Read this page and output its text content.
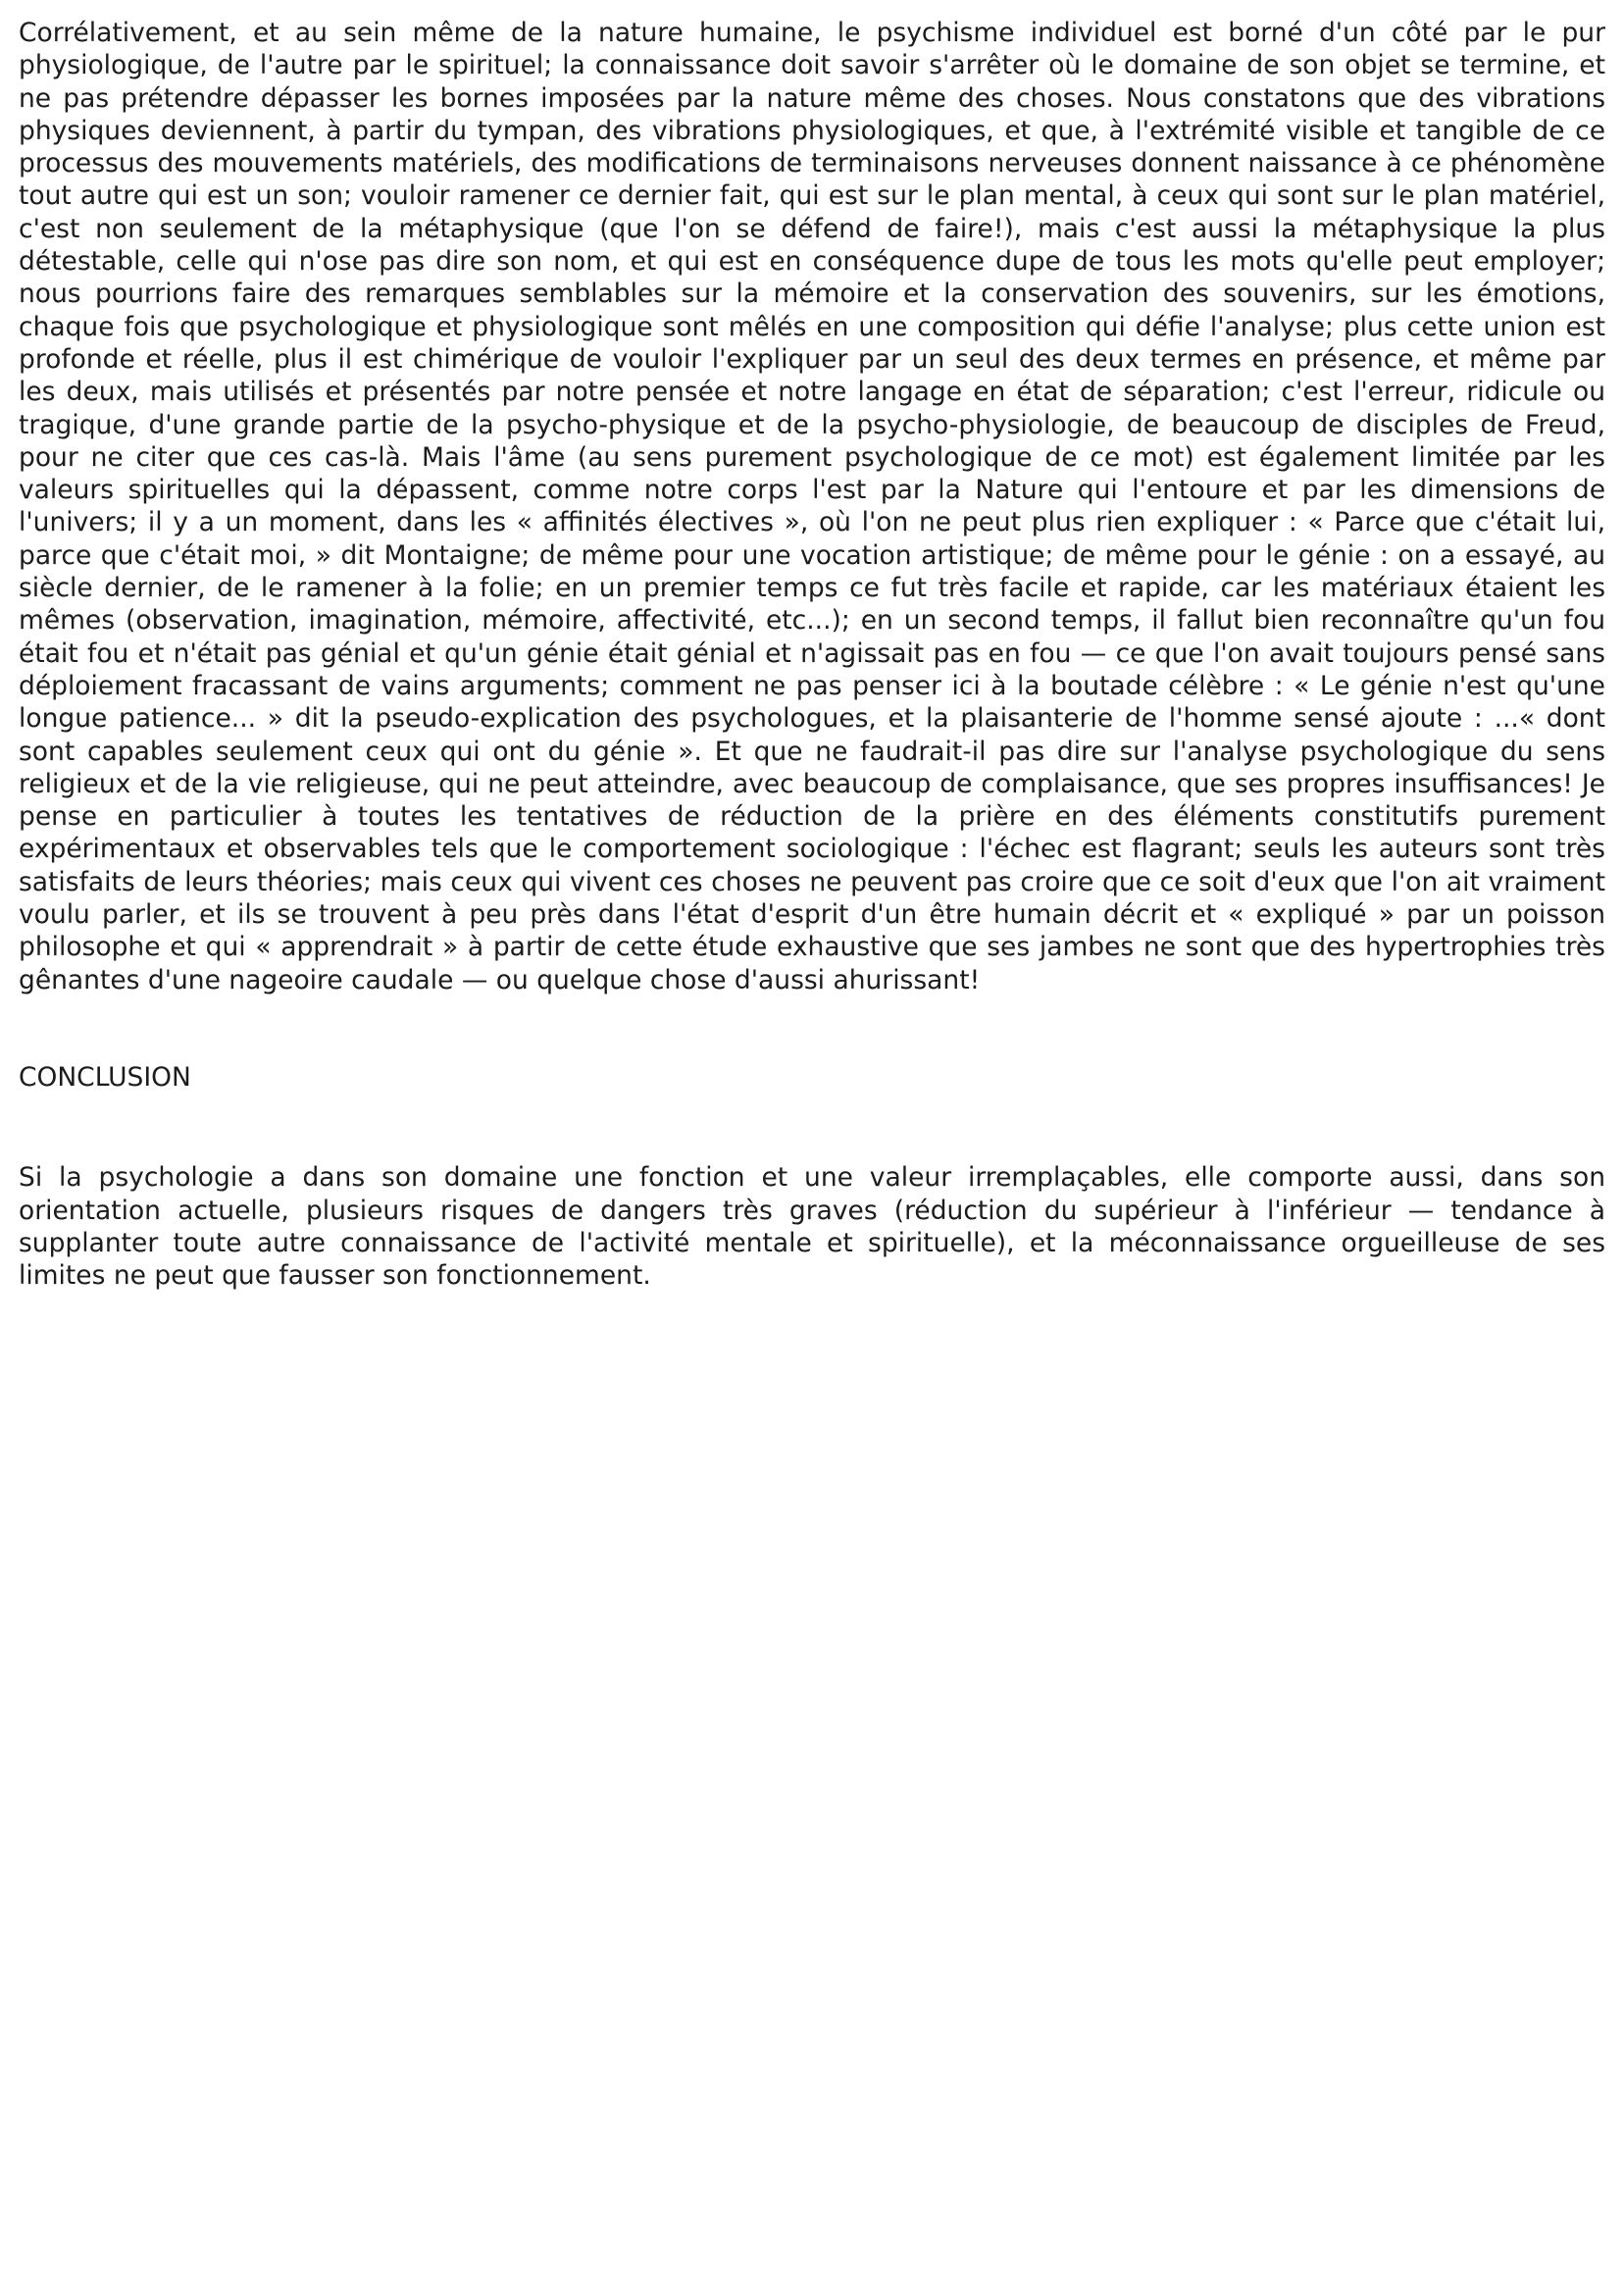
Corrélativement, et au sein même de la nature humaine, le psychisme individuel est borné d'un côté par le pur physiologique, de l'autre par le spirituel; la connaissance doit savoir s'arrêter où le domaine de son objet se termine, et ne pas prétendre dépasser les bornes imposées par la nature même des choses. Nous constatons que des vibrations physiques deviennent, à partir du tympan, des vibrations physiologiques, et que, à l'extrémité visible et tangible de ce processus des mouvements matériels, des modifications de terminaisons nerveuses donnent naissance à ce phénomène tout autre qui est un son; vouloir ramener ce dernier fait, qui est sur le plan mental, à ceux qui sont sur le plan matériel, c'est non seulement de la métaphysique (que l'on se défend de faire!), mais c'est aussi la métaphysique la plus détestable, celle qui n'ose pas dire son nom, et qui est en conséquence dupe de tous les mots qu'elle peut employer; nous pourrions faire des remarques semblables sur la mémoire et la conservation des souvenirs, sur les émotions, chaque fois que psychologique et physiologique sont mêlés en une composition qui défie l'analyse; plus cette union est profonde et réelle, plus il est chimérique de vouloir l'expliquer par un seul des deux termes en présence, et même par les deux, mais utilisés et présentés par notre pensée et notre langage en état de séparation; c'est l'erreur, ridicule ou tragique, d'une grande partie de la psycho-physique et de la psycho-physiologie, de beaucoup de disciples de Freud, pour ne citer que ces cas-là. Mais l'âme (au sens purement psychologique de ce mot) est également limitée par les valeurs spirituelles qui la dépassent, comme notre corps l'est par la Nature qui l'entoure et par les dimensions de l'univers; il y a un moment, dans les « affinités électives », où l'on ne peut plus rien expliquer : « Parce que c'était lui, parce que c'était moi, » dit Montaigne; de même pour une vocation artistique; de même pour le génie : on a essayé, au siècle dernier, de le ramener à la folie; en un premier temps ce fut très facile et rapide, car les matériaux étaient les mêmes (observation, imagination, mémoire, affectivité, etc...); en un second temps, il fallut bien reconnaître qu'un fou était fou et n'était pas génial et qu'un génie était génial et n'agissait pas en fou — ce que l'on avait toujours pensé sans déploiement fracassant de vains arguments; comment ne pas penser ici à la boutade célèbre : « Le génie n'est qu'une longue patience... » dit la pseudo-explication des psychologues, et la plaisanterie de l'homme sensé ajoute : ...« dont sont capables seulement ceux qui ont du génie ». Et que ne faudrait-il pas dire sur l'analyse psychologique du sens religieux et de la vie religieuse, qui ne peut atteindre, avec beaucoup de complaisance, que ses propres insuffisances! Je pense en particulier à toutes les tentatives de réduction de la prière en des éléments constitutifs purement expérimentaux et observables tels que le comportement sociologique : l'échec est flagrant; seuls les auteurs sont très satisfaits de leurs théories; mais ceux qui vivent ces choses ne peuvent pas croire que ce soit d'eux que l'on ait vraiment voulu parler, et ils se trouvent à peu près dans l'état d'esprit d'un être humain décrit et « expliqué » par un poisson philosophe et qui « apprendrait » à partir de cette étude exhaustive que ses jambes ne sont que des hypertrophies très gênantes d'une nageoire caudale — ou quelque chose d'aussi ahurissant!

CONCLUSION

Si la psychologie a dans son domaine une fonction et une valeur irremplaçables, elle comporte aussi, dans son orientation actuelle, plusieurs risques de dangers très graves (réduction du supérieur à l'inférieur — tendance à supplanter toute autre connaissance de l'activité mentale et spirituelle), et la méconnaissance orgueilleuse de ses limites ne peut que fausser son fonctionnement.
